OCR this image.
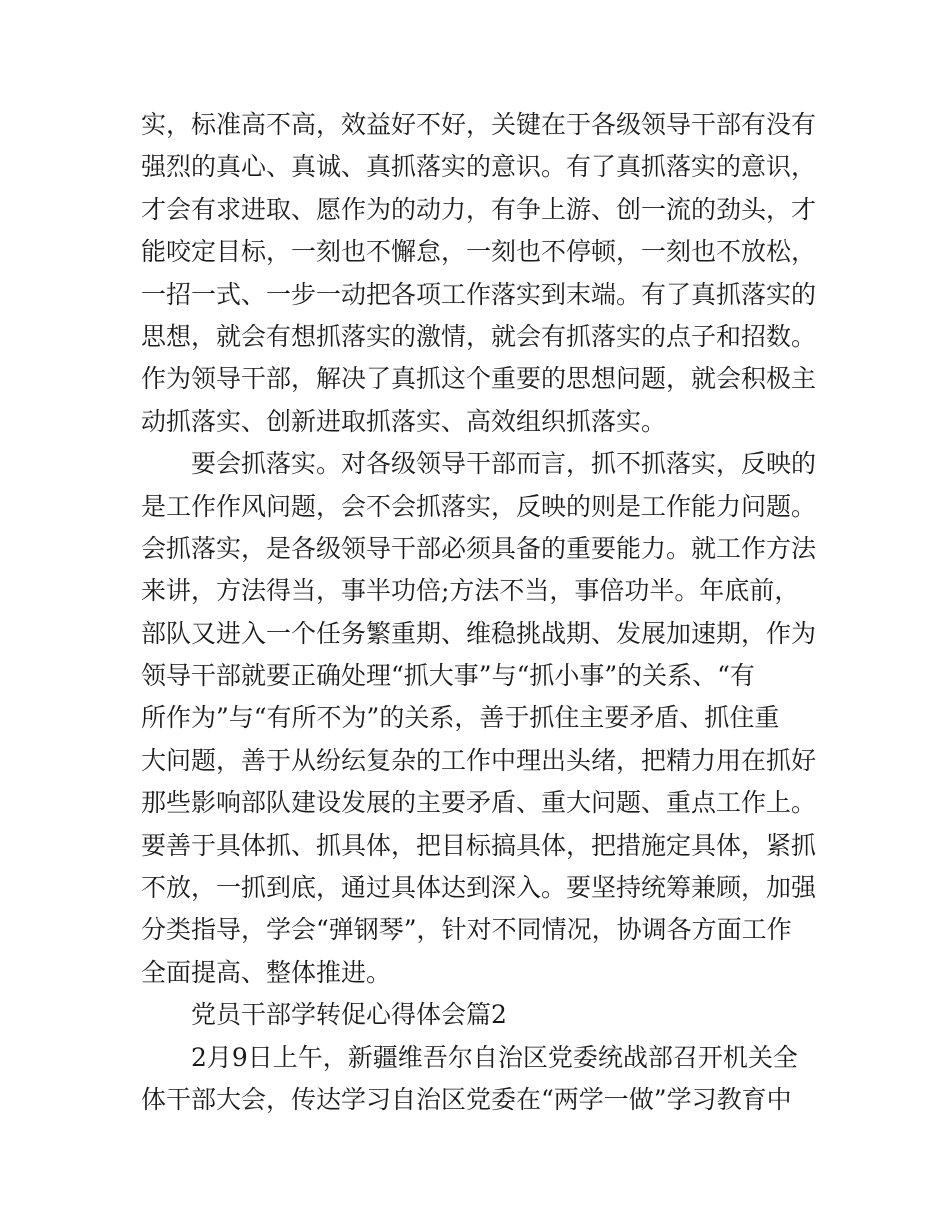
实，标准高不高，效益好不好，关键在于各级领导干部有没有
强烈的真心、真诚、真抓落实的意识。有了真抓落实的意识，
才会有求进取、愿作为的动力，有争上游、创一流的劲头，才
能咬定目标，一刻也不懈怠，一刻也不停顿，一刻也不放松，
一招一式、一步一动把各项工作落实到末端。有了真抓落实的
思想，就会有想抓落实的激情，就会有抓落实的点子和招数。
作为领导干部，解决了真抓这个重要的思想问题，就会积极主
动抓落实、创新进取抓落实、高效组织抓落实。
　　要会抓落实。对各级领导干部而言，抓不抓落实，反映的
是工作作风问题，会不会抓落实，反映的则是工作能力问题。
会抓落实，是各级领导干部必须具备的重要能力。就工作方法
来讲，方法得当，事半功倍;方法不当，事倍功半。年底前，
部队又进入一个任务繁重期、维稳挑战期、发展加速期，作为
领导干部就要正确处理“抓大事”与“抓小事”的关系、“有
所作为”与“有所不为”的关系，善于抓住主要矛盾、抓住重
大问题，善于从纷纭复杂的工作中理出头绪，把精力用在抓好
那些影响部队建设发展的主要矛盾、重大问题、重点工作上。
要善于具体抓、抓具体，把目标搞具体，把措施定具体，紧抓
不放，一抓到底，通过具体达到深入。要坚持统筹兼顾，加强
分类指导，学会“弹钢琴”，针对不同情况，协调各方面工作
全面提高、整体推进。
　　党员干部学转促心得体会篇2
　　2月9日上午，新疆维吾尔自治区党委统战部召开机关全
体干部大会，传达学习自治区党委在“两学一做”学习教育中
